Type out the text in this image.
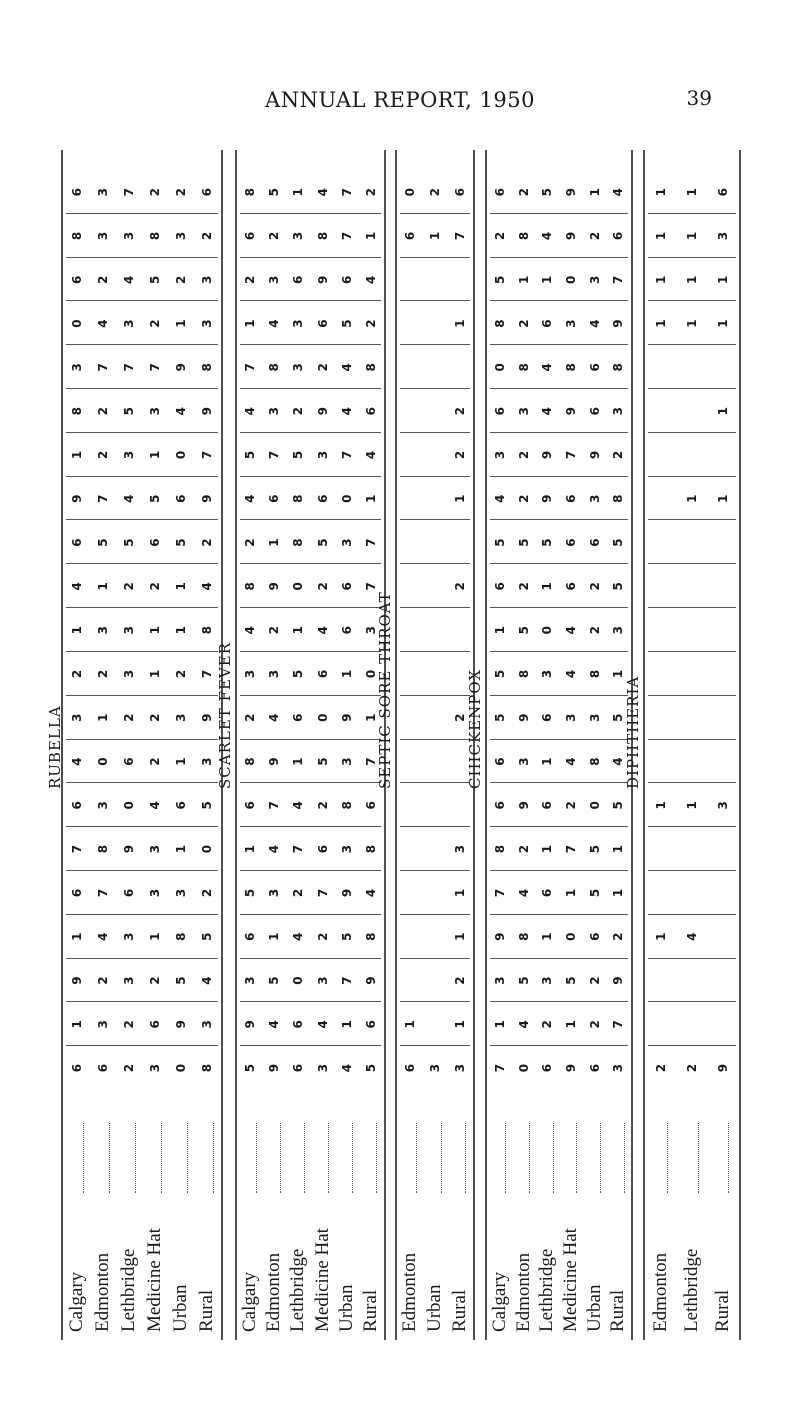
ANNUAL REPORT, 1950	39
RUBELLA
Calgary
6
1
9
1
6
7
6
4
3
2
1
4
6
9
1
8
3
0
6
8
6
Edmonton
6
3
2
4
7
8
3
0
1
2
3
1
5
7
2
2
7
4
2
3
3
Lethbridge
2
2
3
3
6
9
0
6
2
3
3
2
5
4
3
5
7
3
4
3
7
Medicine Hat
3
6
2
1
3
3
4
2
2
1
1
2
6
5
1
3
7
2
5
8
2
Urban
0
9
5
8
3
1
6
1
3
2
1
1
5
6
0
4
9
1
2
3
2
Rural
8
3
4
5
2
0
5
3
9
7
8
4
2
9
7
9
8
3
3
2
6
SCARLET FEVER
Calgary
5
9
3
6
5
1
6
8
2
3
4
8
2
4
5
4
7
1
2
6
8
Edmonton
9
4
5
1
3
4
7
9
4
3
2
9
1
6
7
3
8
4
3
2
5
Lethbridge
6
6
0
4
2
7
4
1
6
5
1
0
8
8
5
2
3
3
6
3
1
Medicine Hat
3
4
3
2
7
6
2
5
0
6
4
2
5
6
3
9
2
6
9
8
4
Urban
4
1
7
5
9
3
8
3
9
1
6
6
3
0
7
4
4
5
6
7
7
Rural
5
6
9
8
4
8
6
7
1
0
3
7
7
1
4
6
8
2
4
1
2
SEPTIC SORE THROAT
Edmonton
6
1
6
0
Urban
3
1
2
Rural
3
1
2
1
1
3
2
2
1
2
2
1
7
6
CHICKENPOX
Calgary
7
1
3
9
7
8
6
6
5
5
1
6
5
4
3
6
0
8
5
2
6
Edmonton
0
4
5
8
4
2
9
3
9
8
5
2
5
2
2
3
8
2
1
8
2
Lethbridge
6
2
3
1
6
1
6
1
6
3
0
1
5
9
9
4
4
6
1
4
5
Medicine Hat
9
1
5
0
1
7
2
4
3
4
4
6
6
6
7
9
8
3
0
9
9
Urban
6
2
2
6
5
5
0
8
3
8
2
2
6
3
9
6
6
4
3
2
1
Rural
3
7
9
2
1
1
5
4
5
1
3
5
5
8
2
3
8
9
7
6
4
DIPHTHERIA
Edmonton
2
1
1
1
1
1
1
Lethbridge
2
4
1
1
1
1
1
1
Rural
9
3
1
1
1
1
3
6
